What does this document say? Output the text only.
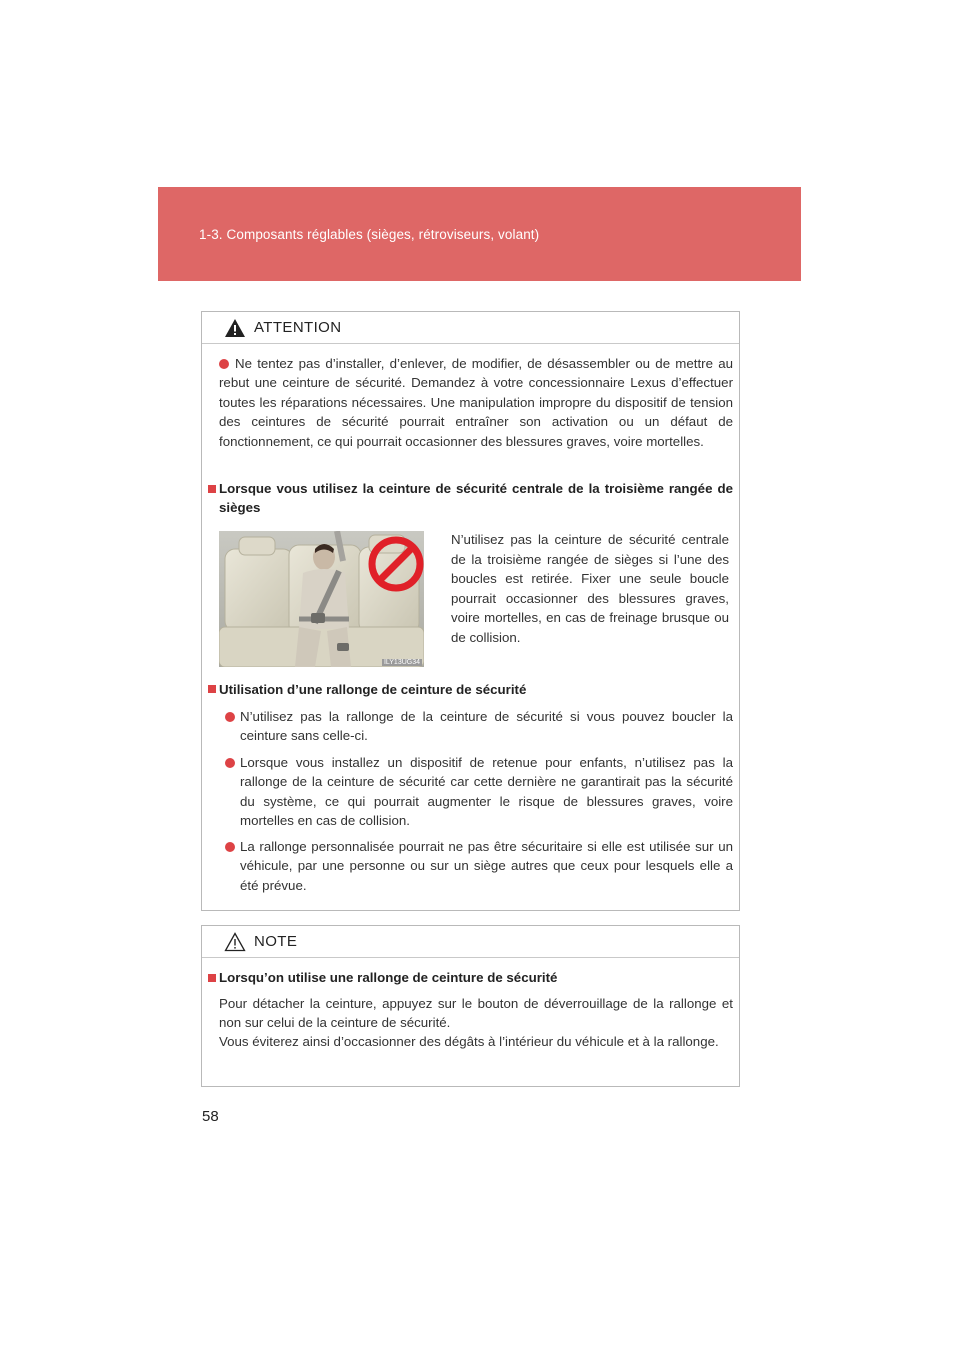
1-3. Composants réglables (sièges, rétroviseurs, volant)
ATTENTION
Ne tentez pas d’installer, d’enlever, de modifier, de désassembler ou de mettre au rebut une ceinture de sécurité. Demandez à votre concessionnaire Lexus d’effectuer toutes les réparations nécessaires. Une manipulation impropre du dispositif de tension des ceintures de sécurité pourrait entraîner son activation ou un défaut de fonctionnement, ce qui pourrait occasionner des blessures graves, voire mortelles.
Lorsque vous utilisez la ceinture de sécurité centrale de la troisième rangée de sièges
Utilisation d’une rallonge de ceinture de sécurité
N’utilisez pas la rallonge de la ceinture de sécurité si vous pouvez boucler la ceinture sans celle-ci.
Lorsque vous installez un dispositif de retenue pour enfants, n’utilisez pas la rallonge de la ceinture de sécurité car cette dernière ne garantirait pas la sécurité du système, ce qui pourrait augmenter le risque de blessures graves, voire mortelles en cas de collision.
La rallonge personnalisée pourrait ne pas être sécuritaire si elle est utilisée sur un véhicule, par une personne ou sur un siège autres que ceux pour lesquels elle a été prévue.
ILY13UG34
N’utilisez pas la ceinture de sécurité centrale de la troisième rangée de sièges si l’une des boucles est retirée. Fixer une seule boucle pourrait occasionner des blessures graves, voire mortelles, en cas de freinage brusque ou de collision.
NOTE
Lorsqu’on utilise une rallonge de ceinture de sécurité
Pour détacher la ceinture, appuyez sur le bouton de déverrouillage de la rallonge et non sur celui de la ceinture de sécurité.
Vous éviterez ainsi d’occasionner des dégâts à l’intérieur du véhicule et à la rallonge.
58
